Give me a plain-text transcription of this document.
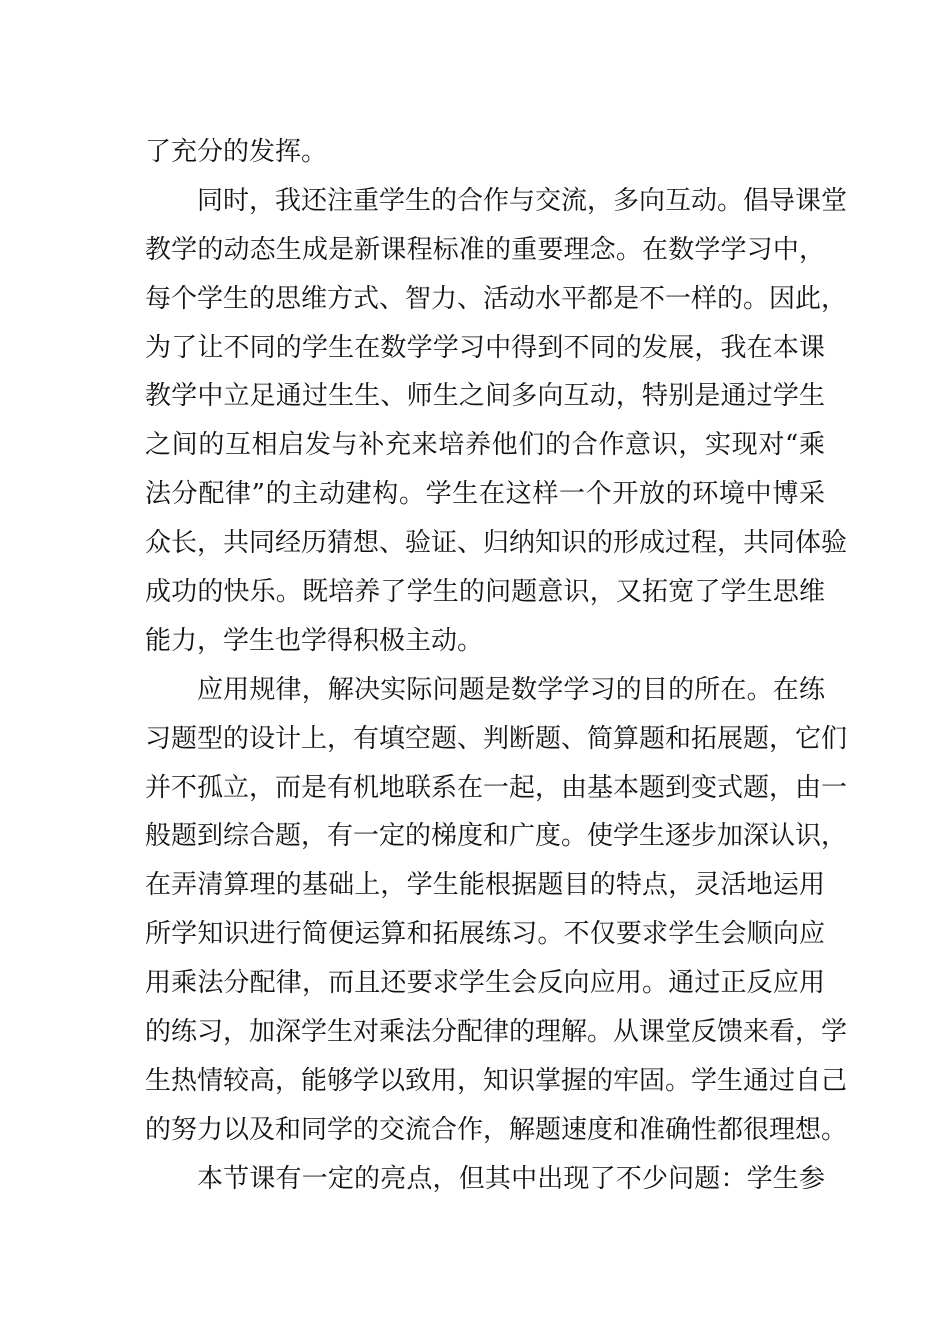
了充分的发挥。
同时，我还注重学生的合作与交流，多向互动。倡导课堂
教学的动态生成是新课程标准的重要理念。在数学学习中，
每个学生的思维方式、智力、活动水平都是不一样的。因此，
为了让不同的学生在数学学习中得到不同的发展，我在本课
教学中立足通过生生、师生之间多向互动，特别是通过学生
之间的互相启发与补充来培养他们的合作意识，实现对“乘
法分配律”的主动建构。学生在这样一个开放的环境中博采
众长，共同经历猜想、验证、归纳知识的形成过程，共同体验
成功的快乐。既培养了学生的问题意识，又拓宽了学生思维
能力，学生也学得积极主动。
应用规律，解决实际问题是数学学习的目的所在。在练
习题型的设计上，有填空题、判断题、简算题和拓展题，它们
并不孤立，而是有机地联系在一起，由基本题到变式题，由一
般题到综合题，有一定的梯度和广度。使学生逐步加深认识，
在弄清算理的基础上，学生能根据题目的特点，灵活地运用
所学知识进行简便运算和拓展练习。不仅要求学生会顺向应
用乘法分配律，而且还要求学生会反向应用。通过正反应用
的练习，加深学生对乘法分配律的理解。从课堂反馈来看，学
生热情较高，能够学以致用，知识掌握的牢固。学生通过自己
的努力以及和同学的交流合作，解题速度和准确性都很理想。
本节课有一定的亮点，但其中出现了不少问题：学生参
